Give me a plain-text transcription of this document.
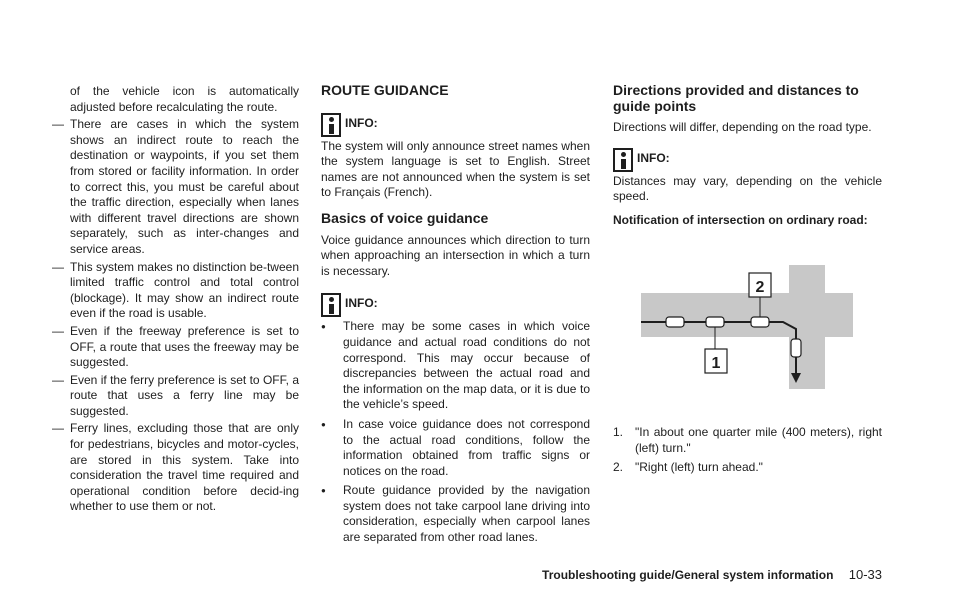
of the vehicle icon is automatically adjusted before recalculating the route.

— There are cases in which the system shows an indirect route to reach the destination or waypoints, if you set them from stored or facility information. In order to correct this, you must be careful about the traffic direction, especially when lanes with different travel directions are shown separately, such as inter-changes and service areas.

— This system makes no distinction be-tween limited traffic control and total control (blockage). It may show an indirect route even if the road is usable.

— Even if the freeway preference is set to OFF, a route that uses the freeway may be suggested.

— Even if the ferry preference is set to OFF, a route that uses a ferry line may be suggested.

— Ferry lines, excluding those that are only for pedestrians, bicycles and motor-cycles, are stored in this system. Take into consideration the travel time required and operational condition before decid-ing whether to use them or not.

ROUTE GUIDANCE
INFO:

The system will only announce street names when the system language is set to English. Street names are not announced when the system is set to Français (French).

Basics of voice guidance

Voice guidance announces which direction to turn when approaching an intersection in which a turn is necessary.

INFO:

● There may be some cases in which voice guidance and actual road conditions do not correspond. This may occur because of discrepancies between the actual road and the information on the map data, or it is due to the vehicle’s speed.

● In case voice guidance does not correspond to the actual road conditions, follow the information obtained from traffic signs or notices on the road.

● Route guidance provided by the navigation system does not take carpool lane driving into consideration, especially when carpool lanes are separated from other road lanes.

Directions provided and distances to guide points

Directions will differ, depending on the road type.

INFO:

Distances may vary, depending on the vehicle speed.

Notification of intersection on ordinary road:
1
2

1. "In about one quarter mile (400 meters), right (left) turn."

2. "Right (left) turn ahead."

Troubleshooting guide/General system information 10-33
